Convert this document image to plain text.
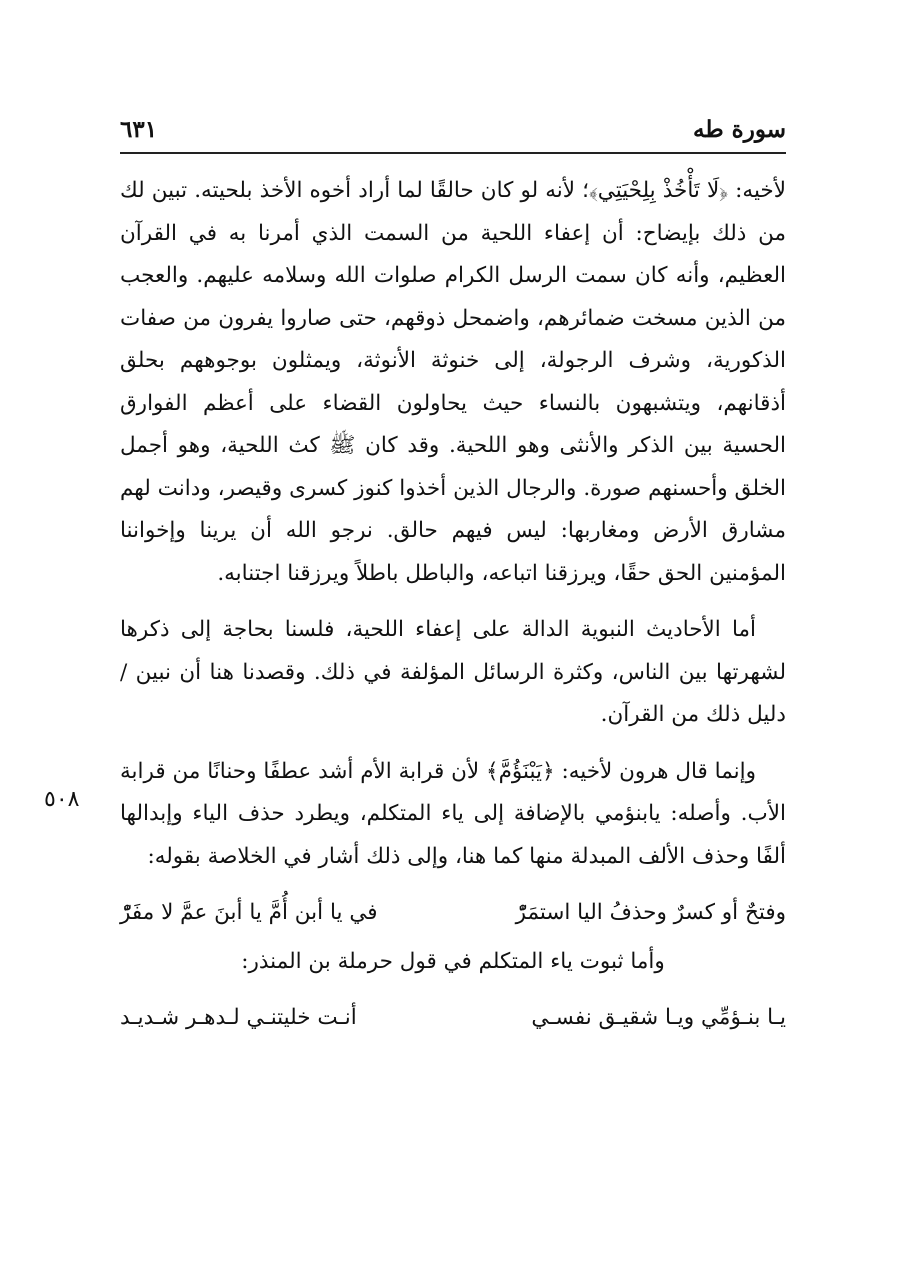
سورة طه
٦٣١
٥٠٨

لأخيه: ﴿لَا تَأْخُذْ بِلِحْيَتِي﴾؛ لأنه لو كان حالقًا لما أراد أخوه الأخذ بلحيته. تبين لك من ذلك بإيضاح: أن إعفاء اللحية من السمت الذي أمرنا به في القرآن العظيم، وأنه كان سمت الرسل الكرام صلوات الله وسلامه عليهم. والعجب من الذين مسخت ضمائرهم، واضمحل ذوقهم، حتى صاروا يفرون من صفات الذكورية، وشرف الرجولة، إلى خنوثة الأنوثة، ويمثلون بوجوههم بحلق أذقانهم، ويتشبهون بالنساء حيث يحاولون القضاء على أعظم الفوارق الحسية بين الذكر والأنثى وهو اللحية. وقد كان ﷺ كث اللحية، وهو أجمل الخلق وأحسنهم صورة. والرجال الذين أخذوا كنوز كسرى وقيصر، ودانت لهم مشارق الأرض ومغاربها: ليس فيهم حالق. نرجو الله أن يرينا وإخواننا المؤمنين الحق حقًا، ويرزقنا اتباعه، والباطل باطلاً ويرزقنا اجتنابه.

أما الأحاديث النبوية الدالة على إعفاء اللحية، فلسنا بحاجة إلى ذكرها لشهرتها بين الناس، وكثرة الرسائل المؤلفة في ذلك. وقصدنا هنا أن نبين / دليل ذلك من القرآن.

وإنما قال هرون لأخيه: ﴿يَبْنَؤُمَّ﴾ لأن قرابة الأم أشد عطفًا وحنانًا من قرابة الأب. وأصله: يابنؤمي بالإضافة إلى ياء المتكلم، ويطرد حذف الياء وإبدالها ألفًا وحذف الألف المبدلة منها كما هنا، وإلى ذلك أشار في الخلاصة بقوله:

وفتحٌ أو كسرٌ وحذفُ اليا استمَرّْ
في يا أبن أُمَّ يا أبنَ عمَّ لا مفَرّْ

وأما ثبوت ياء المتكلم في قول حرملة بن المنذر:

يـا بنـؤمِّي ويـا شقيـق نفسـي
أنـت خليتنـي لـدهـر شـديـد
